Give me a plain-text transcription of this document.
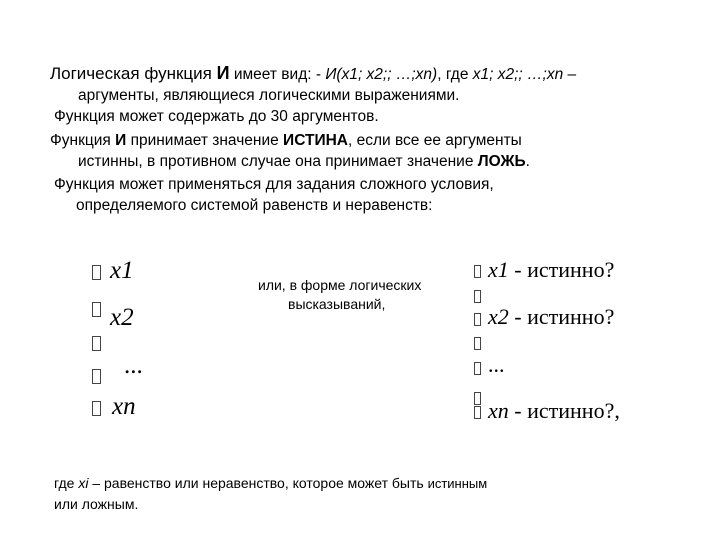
Логическая функция И имеет вид: - И(x1; x2;; …;xn), где x1; x2;; …;xn –
аргументы, являющиеся логическими выражениями.
Функция может содержать до 30 аргументов.
Функция И принимает значение ИСТИНА, если все ее аргументы
истинны, в противном случае она принимает значение ЛОЖЬ.
Функция может применяться для задания сложного условия,
определяемого системой равенств и неравенств:
x1
x2
...
xn
или, в форме логических
высказываний,
x1 - истинно?
x2 - истинно?
...
xn - истинно?,
где xi – равенство или неравенство, которое может быть истинным
или ложным.
